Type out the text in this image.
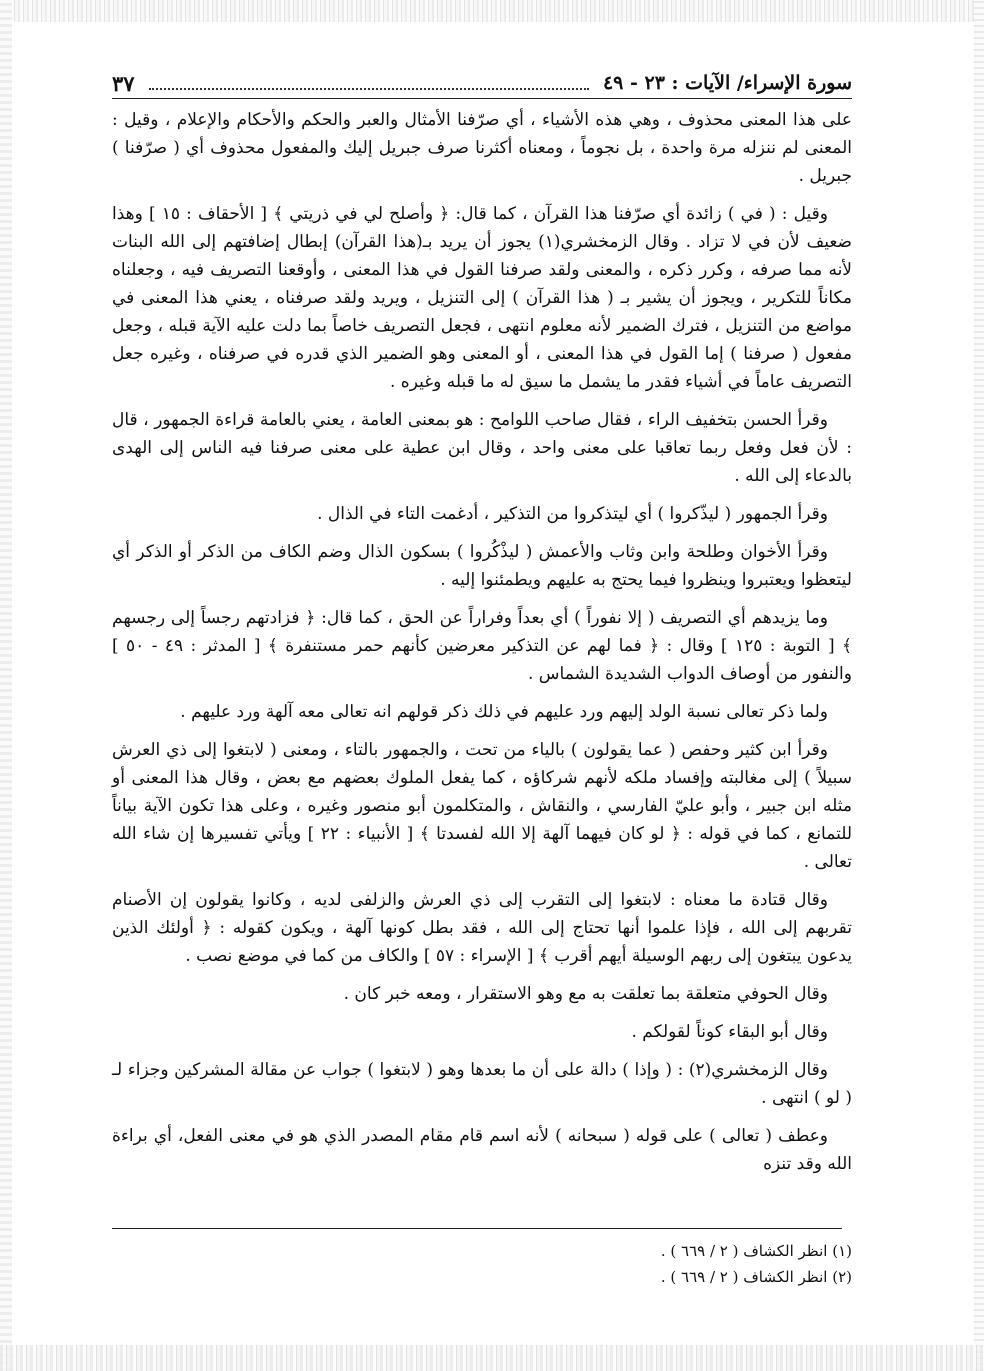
سورة الإسراء/ الآيات : ٢٣ - ٤٩
٣٧

على هذا المعنى محذوف ، وهي هذه الأشياء ، أي صرّفنا الأمثال والعبر والحكم والأحكام والإعلام ، وقيل : المعنى لم ننزله مرة واحدة ، بل نجوماً ، ومعناه أكثرنا صرف جبريل إليك والمفعول محذوف أي ( صرّفنا ) جبريل .

وقيل : ( في ) زائدة أي صرّفنا هذا القرآن ، كما قال: ﴿ وأصلح لي في ذريتي ﴾ [ الأحقاف : ١٥ ] وهذا ضعيف لأن في لا تزاد . وقال الزمخشري(١) يجوز أن يريد بـ(هذا القرآن) إبطال إضافتهم إلى الله البنات لأنه مما صرفه ، وكرر ذكره ، والمعنى ولقد صرفنا القول في هذا المعنى ، وأوقعنا التصريف فيه ، وجعلناه مكاناً للتكرير ، ويجوز أن يشير بـ ( هذا القرآن ) إلى التنزيل ، ويريد ولقد صرفناه ، يعني هذا المعنى في مواضع من التنزيل ، فترك الضمير لأنه معلوم انتهى ، فجعل التصريف خاصاً بما دلت عليه الآية قبله ، وجعل مفعول ( صرفنا ) إما القول في هذا المعنى ، أو المعنى وهو الضمير الذي قدره في صرفناه ، وغيره جعل التصريف عاماً في أشياء فقدر ما يشمل ما سيق له ما قبله وغيره .

وقرأ الحسن بتخفيف الراء ، فقال صاحب اللوامح : هو بمعنى العامة ، يعني بالعامة قراءة الجمهور ، قال : لأن فعل وفعل ربما تعاقبا على معنى واحد ، وقال ابن عطية على معنى صرفنا فيه الناس إلى الهدى بالدعاء إلى الله .

وقرأ الجمهور ( ليذّكروا ) أي ليتذكروا من التذكير ، أدغمت التاء في الذال .

وقرأ الأخوان وطلحة وابن وثاب والأعمش ( ليذْكُروا ) بسكون الذال وضم الكاف من الذكر أو الذكر أي ليتعظوا ويعتبروا وينظروا فيما يحتج به عليهم ويطمئنوا إليه .

وما يزيدهم أي التصريف ( إلا نفوراً ) أي بعداً وفراراً عن الحق ، كما قال: ﴿ فزادتهم رجساً إلى رجسهم ﴾ [ التوبة : ١٢٥ ] وقال : ﴿ فما لهم عن التذكير معرضين كأنهم حمر مستنفرة ﴾ [ المدثر : ٤٩ - ٥٠ ] والنفور من أوصاف الدواب الشديدة الشماس .

ولما ذكر تعالى نسبة الولد إليهم ورد عليهم في ذلك ذكر قولهم انه تعالى معه آلهة ورد عليهم .

وقرأ ابن كثير وحفص ( عما يقولون ) بالياء من تحت ، والجمهور بالتاء ، ومعنى ( لابتغوا إلى ذي العرش سبيلاً ) إلى مغالبته وإفساد ملكه لأنهم شركاؤه ، كما يفعل الملوك بعضهم مع بعض ، وقال هذا المعنى أو مثله ابن جبير ، وأبو عليّ الفارسي ، والنقاش ، والمتكلمون أبو منصور وغيره ، وعلى هذا تكون الآية بياناً للتمانع ، كما في قوله : ﴿ لو كان فيهما آلهة إلا الله لفسدتا ﴾ [ الأنبياء : ٢٢ ] ويأتي تفسيرها إن شاء الله تعالى .

وقال قتادة ما معناه : لابتغوا إلى التقرب إلى ذي العرش والزلفى لديه ، وكانوا يقولون إن الأصنام تقربهم إلى الله ، فإذا علموا أنها تحتاج إلى الله ، فقد بطل كونها آلهة ، ويكون كقوله : ﴿ أولئك الذين يدعون يبتغون إلى ربهم الوسيلة أيهم أقرب ﴾ [ الإسراء : ٥٧ ] والكاف من كما في موضع نصب .

وقال الحوفي متعلقة بما تعلقت به مع وهو الاستقرار ، ومعه خبر كان .

وقال أبو البقاء كوناً لقولكم .

وقال الزمخشري(٢) : ( وإذا ) دالة على أن ما بعدها وهو ( لابتغوا ) جواب عن مقالة المشركين وجزاء لـ ( لو ) انتهى .

وعطف ( تعالى ) على قوله ( سبحانه ) لأنه اسم قام مقام المصدر الذي هو في معنى الفعل، أي براءة الله وقد تنزه

(١) انظر الكشاف ( ٢ / ٦٦٩ ) .
(٢) انظر الكشاف ( ٢ / ٦٦٩ ) .
